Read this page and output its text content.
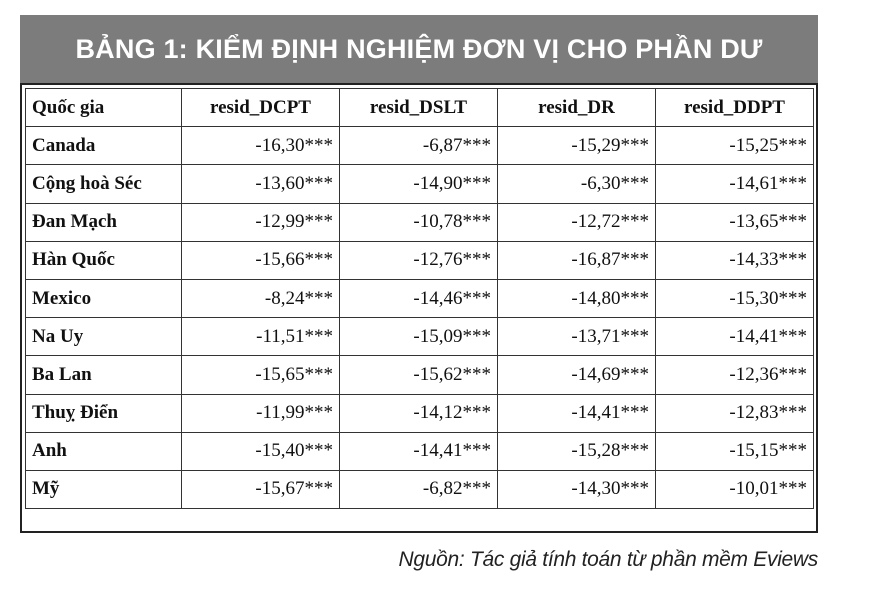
BẢNG 1: KIỂM ĐỊNH NGHIỆM ĐƠN VỊ CHO PHẦN DƯ
Quốc gia	resid_DCPT	resid_DSLT	resid_DR	resid_DDPT
Canada	-16,30***	-6,87***	-15,29***	-15,25***
Cộng hoà Séc	-13,60***	-14,90***	-6,30***	-14,61***
Đan Mạch	-12,99***	-10,78***	-12,72***	-13,65***
Hàn Quốc	-15,66***	-12,76***	-16,87***	-14,33***
Mexico	-8,24***	-14,46***	-14,80***	-15,30***
Na Uy	-11,51***	-15,09***	-13,71***	-14,41***
Ba Lan	-15,65***	-15,62***	-14,69***	-12,36***
Thuỵ Điển	-11,99***	-14,12***	-14,41***	-12,83***
Anh	-15,40***	-14,41***	-15,28***	-15,15***
Mỹ	-15,67***	-6,82***	-14,30***	-10,01***
Nguồn: Tác giả tính toán từ phần mềm Eviews
